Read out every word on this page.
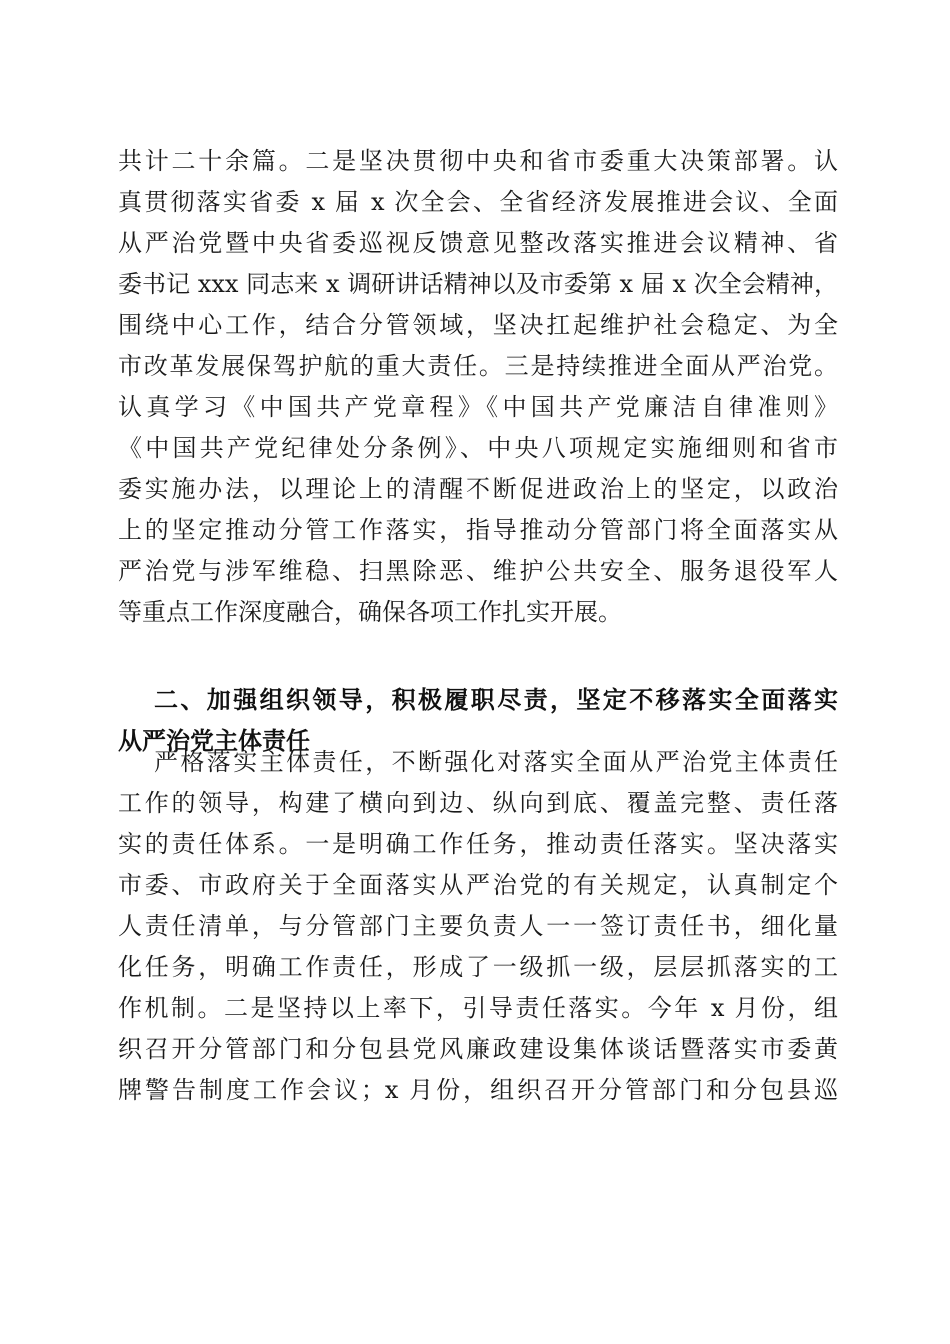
共计二十余篇。二是坚决贯彻中央和省市委重大决策部署。认
真贯彻落实省委 x 届 x 次全会、全省经济发展推进会议、全面
从严治党暨中央省委巡视反馈意见整改落实推进会议精神、省
委书记 xxx 同志来 x 调研讲话精神以及市委第 x 届 x 次全会精神，
围绕中心工作，结合分管领域，坚决扛起维护社会稳定、为全
市改革发展保驾护航的重大责任。三是持续推进全面从严治党。
认真学习《中国共产党章程》《中国共产党廉洁自律准则》
《中国共产党纪律处分条例》、中央八项规定实施细则和省市
委实施办法，以理论上的清醒不断促进政治上的坚定，以政治
上的坚定推动分管工作落实，指导推动分管部门将全面落实从
严治党与涉军维稳、扫黑除恶、维护公共安全、服务退役军人
等重点工作深度融合，确保各项工作扎实开展。
二、加强组织领导，积极履职尽责，坚定不移落实全面落实
从严治党主体责任
严格落实主体责任，不断强化对落实全面从严治党主体责任
工作的领导，构建了横向到边、纵向到底、覆盖完整、责任落
实的责任体系。一是明确工作任务，推动责任落实。坚决落实
市委、市政府关于全面落实从严治党的有关规定，认真制定个
人责任清单，与分管部门主要负责人一一签订责任书，细化量
化任务，明确工作责任，形成了一级抓一级，层层抓落实的工
作机制。二是坚持以上率下，引导责任落实。今年 x 月份，组
织召开分管部门和分包县党风廉政建设集体谈话暨落实市委黄
牌警告制度工作会议；x 月份，组织召开分管部门和分包县巡
